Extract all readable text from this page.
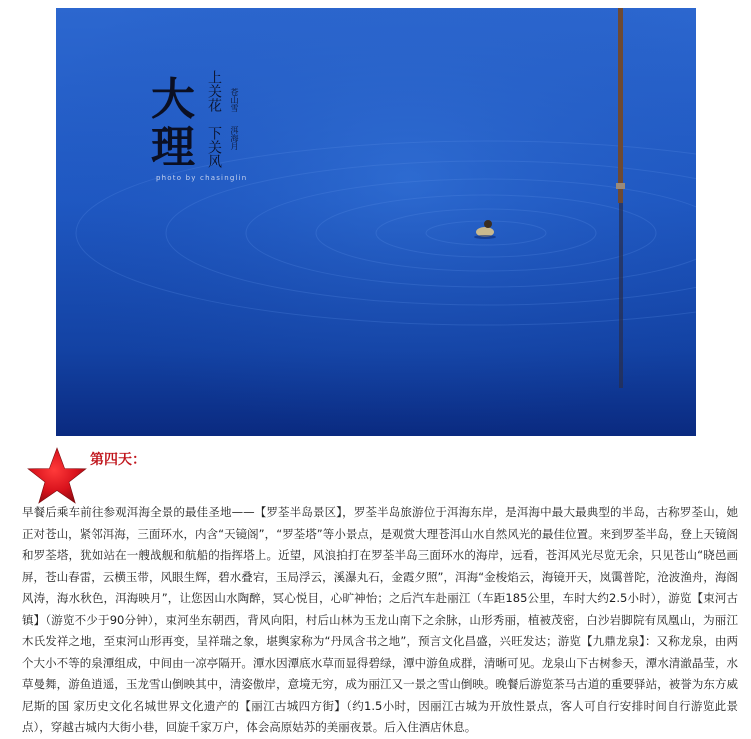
大
理
上关花
下关风
苍山雪
洱海月
photo by chasinglin
第四天：
早餐后乘车前往参观洱海全景的最佳圣地——【罗荃半岛景区】，罗荃半岛旅游位于洱海东岸，是洱海中最大最典型的半岛，古称罗荃山，她正对苍山，紧邻洱海，三面环水，内含“天镜阁”，“罗荃塔”等小景点，是观赏大理苍洱山水自然风光的最佳位置。来到罗荃半岛，登上天镜阁和罗荃塔，犹如站在一艘战舰和航船的指挥塔上。近望，风浪拍打在罗荃半岛三面环水的海岸，远看，苍洱风光尽览无余，只见苍山“晓邑画屏，苍山春雷，云横玉带，风眼生辉，碧水叠宕，玉局浮云，溪瀑丸石，金霞夕照”，洱海“金梭焰云，海镜开天，岚霭普陀，沧波渔舟，海阁风涛，海水秋色，洱海映月”，让您因山水陶醉，冥心悦目，心旷神怡；之后汽车赴丽江（车距185公里，车时大约2.5小时），游览【束河古镇】（游览不少于90分钟），束河坐东朝西，背风向阳，村后山林为玉龙山南下之余脉，山形秀丽，植被茂密，白沙岩脚院有凤凰山，为丽江木氏发祥之地，至束河山形再变，呈祥瑞之象，堪舆家称为“丹凤含书之地”，预言文化昌盛，兴旺发达；游览【九鼎龙泉】：又称龙泉，由两个大小不等的泉潭组成，中间由一凉亭隔开。潭水因潭底水草而显得碧绿，潭中游鱼成群，清晰可见。龙泉山下古树参天，潭水清澈晶莹，水草曼舞，游鱼逍遥，玉龙雪山倒映其中，清姿傲岸，意境无穷，成为丽江又一景之雪山倒映。晚餐后游览茶马古道的重要驿站，被誉为东方威尼斯的国 家历史文化名城世界文化遗产的【丽江古城四方街】（约1.5小时，因丽江古城为开放性景点，客人可自行安排时间自行游览此景点），穿越古城内大街小巷，回旋千家万户，体会高原姑苏的美丽夜景。后入住酒店休息。
